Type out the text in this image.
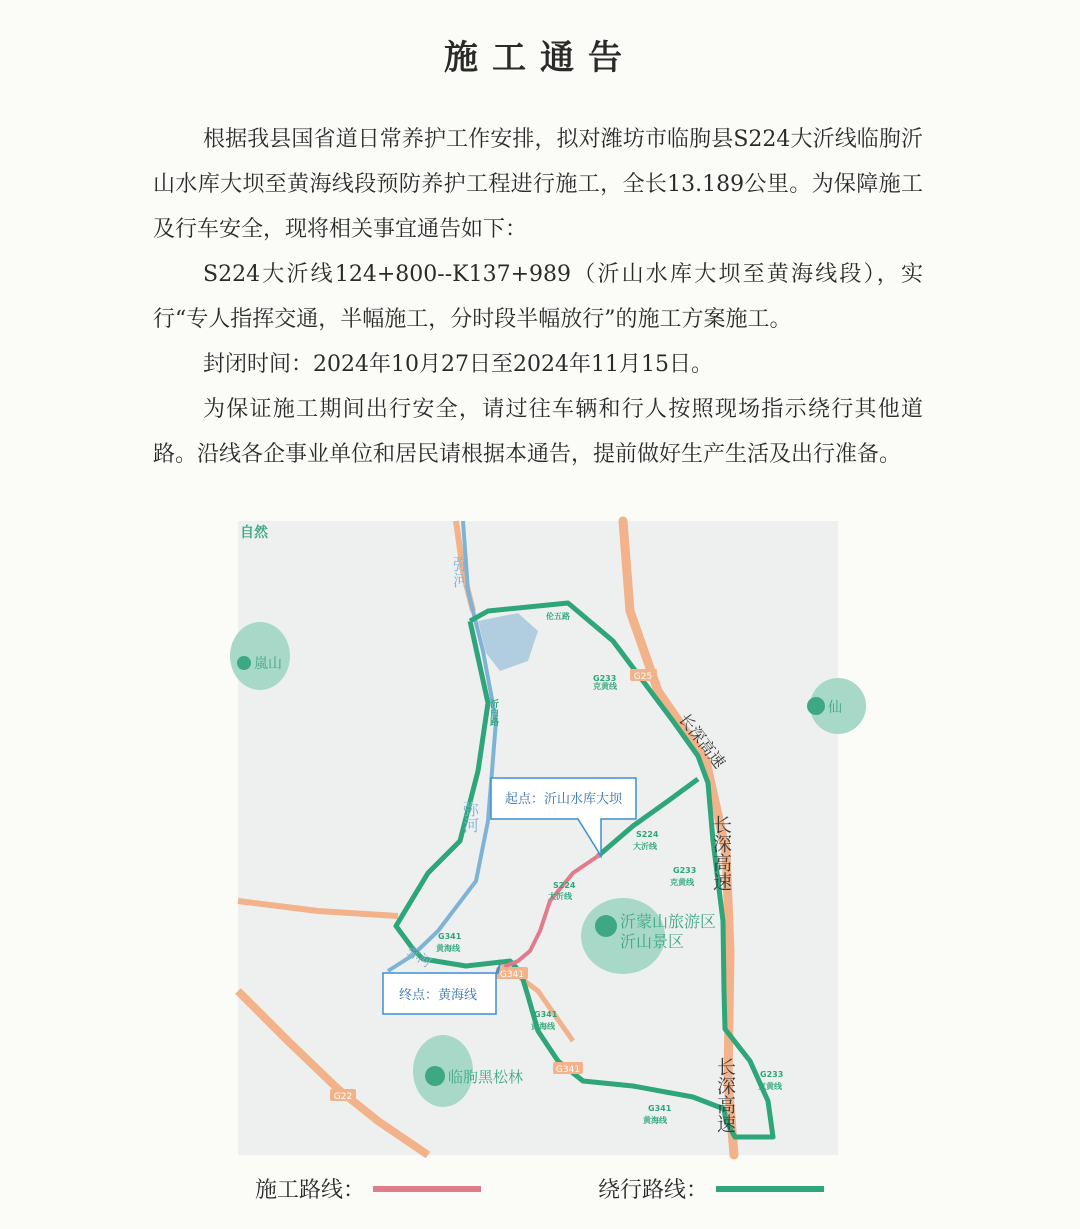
施工通告

根据我县国省道日常养护工作安排，拟对潍坊市临朐县S224大沂线临朐沂山水库大坝至黄海线段预防养护工程进行施工，全长13.189公里。为保障施工及行车安全，现将相关事宜通告如下：

S224大沂线124+800--K137+989（沂山水库大坝至黄海线段），实行“专人指挥交通，半幅施工，分时段半幅放行”的施工方案施工。

封闭时间：2024年10月27日至2024年11月15日。

为保证施工期间出行安全，请过往车辆和行人按照现场指示绕行其他道路。沿线各企事业单位和居民请根据本通告，提前做好生产生活及出行准备。

G25
G341
G341
G22
伦五路
G233
克黄线
S224
大沂线
G233
克黄线
S224
大沂线
G341
黄海线
G341
黄海线
G341
黄海线
G233
克黄线
沂白路
自然
弥河
弥河
弥河
长深高速
长深高速
长深高速
嵐山
仙
沂蒙山旅游区
沂山景区
临朐黑松林
起点：沂山水库大坝
终点：黄海线
施工路线：	绕行路线：
